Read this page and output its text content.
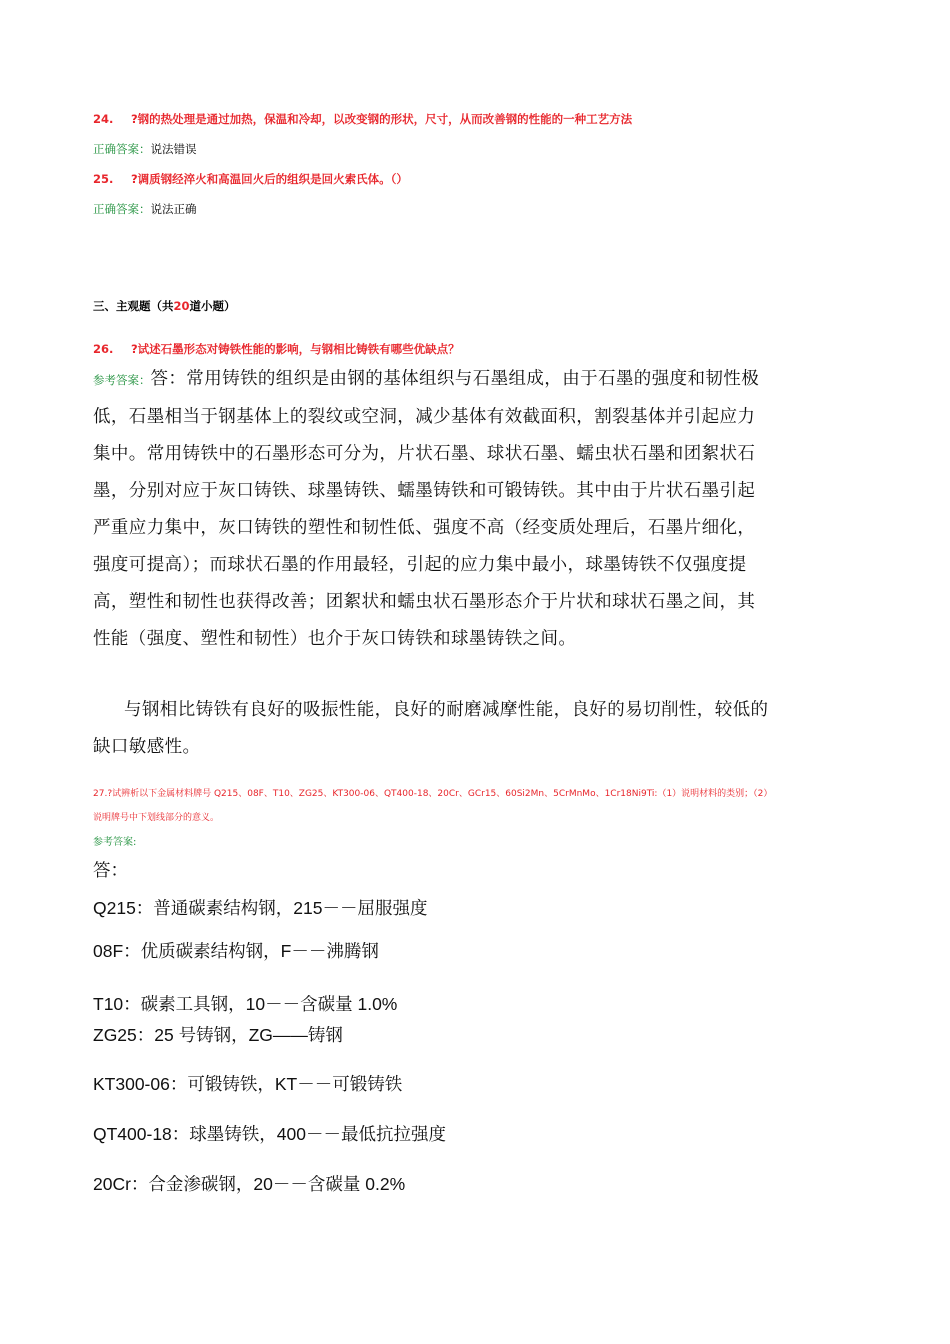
24. ?钢的热处理是通过加热，保温和冷却，以改变钢的形状，尺寸，从而改善钢的性能的一种工艺方法
正确答案：说法错误
25. ?调质钢经淬火和高温回火后的组织是回火索氏体。（）
正确答案：说法正确
三、主观题（共20道小题）
26. ?试述石墨形态对铸铁性能的影响，与钢相比铸铁有哪些优缺点？
参考答案：答：常用铸铁的组织是由钢的基体组织与石墨组成，由于石墨的强度和韧性极低，石墨相当于钢基体上的裂纹或空洞，减少基体有效截面积，割裂基体并引起应力集中。常用铸铁中的石墨形态可分为，片状石墨、球状石墨、蠕虫状石墨和团絮状石墨，分别对应于灰口铸铁、球墨铸铁、蠕墨铸铁和可锻铸铁。其中由于片状石墨引起严重应力集中，灰口铸铁的塑性和韧性低、强度不高（经变质处理后，石墨片细化，强度可提高）；而球状石墨的作用最轻，引起的应力集中最小，球墨铸铁不仅强度提高，塑性和韧性也获得改善；团絮状和蠕虫状石墨形态介于片状和球状石墨之间，其性能（强度、塑性和韧性）也介于灰口铸铁和球墨铸铁之间。
与钢相比铸铁有良好的吸振性能，良好的耐磨减摩性能，良好的易切削性，较低的缺口敏感性。
27.?试辨析以下金属材料牌号 Q215、08F、T10、ZG25、KT300-06、QT400-18、20Cr、GCr15、60Si2Mn、5CrMnMo、1Cr18Ni9Ti:（1）说明材料的类别；（2）说明牌号中下划线部分的意义。
参考答案:
答：
Q215：普通碳素结构钢，215－－屈服强度
08F：优质碳素结构钢，F－－沸腾钢
T10：碳素工具钢，10－－含碳量 1.0%
ZG25：25 号铸钢，ZG——铸钢
KT300-06：可锻铸铁，KT－－可锻铸铁
QT400-18：球墨铸铁，400－－最低抗拉强度
20Cr：合金渗碳钢，20－－含碳量 0.2%
